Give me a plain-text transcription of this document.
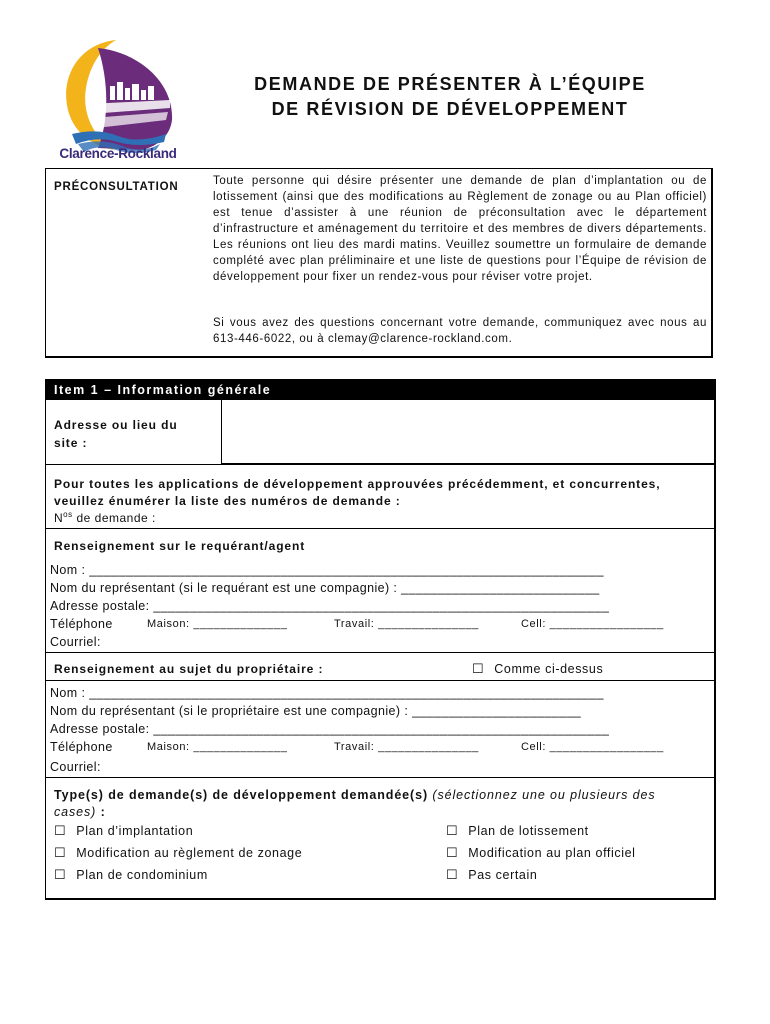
Clarence-Rockland
DEMANDE DE PRÉSENTER À L’ÉQUIPE
DE RÉVISION DE DÉVELOPPEMENT
PRÉCONSULTATION	Toute personne qui désire présenter une demande de plan d’implantation ou de lotissement (ainsi que des modifications au Règlement de zonage ou au Plan officiel) est tenue d’assister à une réunion de préconsultation avec le département d’infrastructure et aménagement du territoire et des membres de divers départements. Les réunions ont lieu des mardi matins. Veuillez soumettre un formulaire de demande complété avec plan préliminaire et une liste de questions pour l’Équipe de révision de développement pour fixer un rendez-vous pour réviser votre projet.

Si vous avez des questions concernant votre demande, communiquez avec nous au 613-446-6022, ou à clemay@clarence-rockland.com.

Item 1 – Information générale
Adresse ou lieu du site :
Pour toutes les applications de développement approuvées précédemment, et concurrentes, veuillez énumérer la liste des numéros de demande :
$N^{os}$ de demande :
Renseignement sur le requérant/agent
Nom : ______________________________________________________________________
Nom du représentant (si le requérant est une compagnie) : ___________________________
Adresse postale: ______________________________________________________________
Téléphone	Maison: ______________	Travail: _______________	Cell: _________________
Courriel:
Renseignement au sujet du propriétaire :	☐ Comme ci-dessus
Nom : ______________________________________________________________________
Nom du représentant (si le propriétaire est une compagnie) : _______________________
Adresse postale: ______________________________________________________________
Téléphone	Maison: ______________	Travail: _______________	Cell: _________________
Courriel:
Type(s) de demande(s) de développement demandée(s) (sélectionnez une ou plusieurs des cases) :
☐ Plan d’implantation	☐ Plan de lotissement
☐ Modification au règlement de zonage	☐ Modification au plan officiel
☐ Plan de condominium	☐ Pas certain
